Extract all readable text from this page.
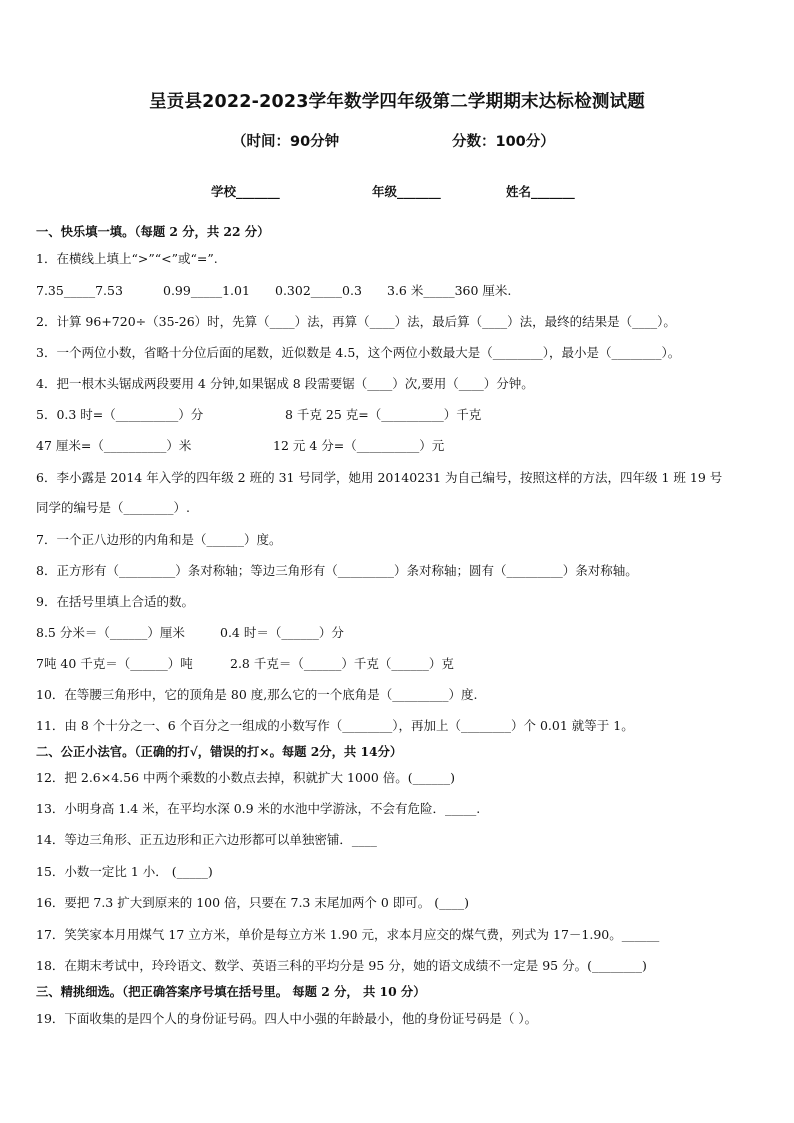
呈贡县2022-2023学年数学四年级第二学期期末达标检测试题
（时间：90分钟	分数：100分）
学校_______	年级_______	姓名_______
一、快乐填一填。（每题 2 分，共 22 分）
1．在横线上填上“>”“<”或“=”.
7.35_____7.53	0.99_____1.01 0.302_____0.3 3.6 米_____360 厘米.
2．计算 96+720÷（35-26）时，先算（____）法，再算（____）法，最后算（____）法，最终的结果是（____）。
3．一个两位小数，省略十分位后面的尾数，近似数是 4.5，这个两位小数最大是（________），最小是（________）。
4．把一根木头锯成两段要用 4 分钟,如果锯成 8 段需要锯（____）次,要用（____）分钟。
5．0.3 时=（__________）分	8 千克 25 克=（__________）千克
47 厘米=（__________）米	12 元 4 分=（__________）元
6．李小露是 2014 年入学的四年级 2 班的 31 号同学，她用 20140231 为自己编号，按照这样的方法，四年级 1 班 19 号
同学的编号是（________）.
7．一个正八边形的内角和是（______）度。
8．正方形有（_________）条对称轴；等边三角形有（_________）条对称轴；圆有（_________）条对称轴。
9．在括号里填上合适的数。
8.5 分米＝（______）厘米	0.4 时＝（______）分
7吨 40 千克＝（______）吨	2.8 千克＝（______）千克（______）克
10．在等腰三角形中，它的顶角是 80 度,那么它的一个底角是（_________）度.
11．由 8 个十分之一、6 个百分之一组成的小数写作（________），再加上（________）个 0.01 就等于 1。
二、公正小法官。（正确的打√，错误的打×。每题 2分，共 14分）
12．把 2.6×4.56 中两个乘数的小数点去掉，积就扩大 1000 倍。(______)
13．小明身高 1.4 米，在平均水深 0.9 米的水池中学游泳，不会有危险．_____.
14．等边三角形、正五边形和正六边形都可以单独密铺．____
15．小数一定比 1 小． (_____)
16．要把 7.3 扩大到原来的 100 倍，只要在 7.3 末尾加两个 0 即可。 (____)
17．笑笑家本月用煤气 17 立方米，单价是每立方米 1.90 元，求本月应交的煤气费，列式为 17－1.90。______
18．在期末考试中，玲玲语文、数学、英语三科的平均分是 95 分，她的语文成绩不一定是 95 分。(________)
三、精挑细选。（把正确答案序号填在括号里。 每题 2 分， 共 10 分）
19．下面收集的是四个人的身份证号码。四人中小强的年龄最小，他的身份证号码是（ ）。
